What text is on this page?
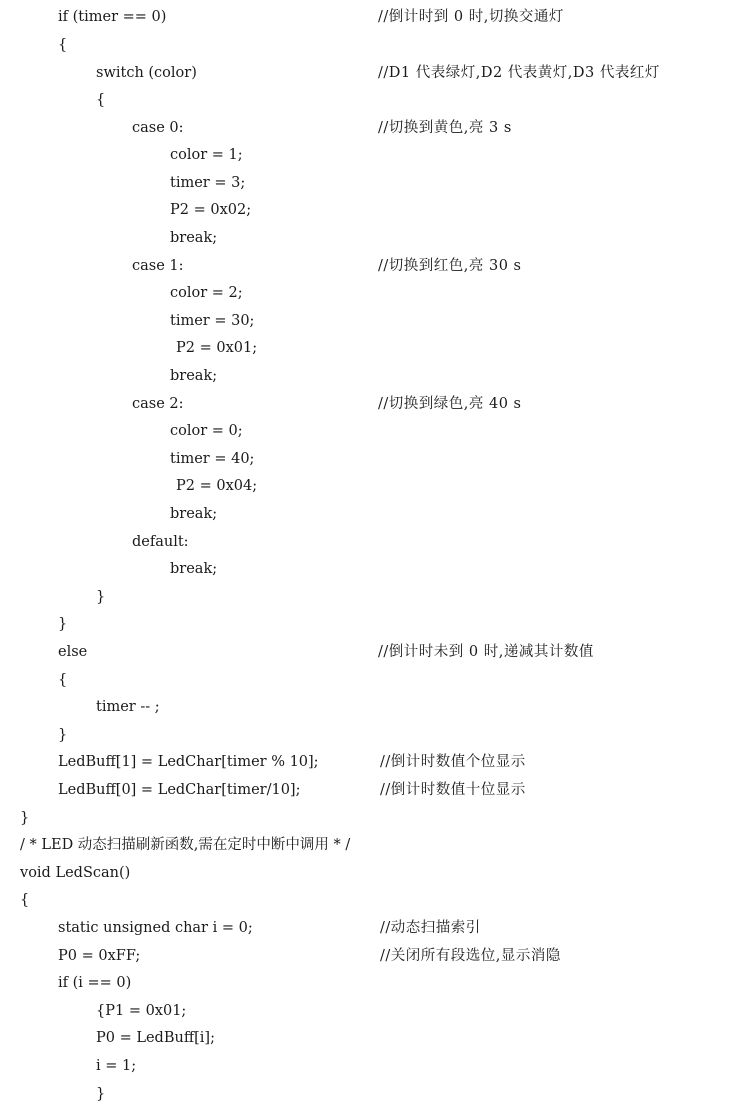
if (timer == 0)	//倒计时到 0 时,切换交通灯
{
switch (color)	//D1 代表绿灯,D2 代表黄灯,D3 代表红灯
{
case 0:	//切换到黄色,亮 3 s
color = 1;
timer = 3;
P2 = 0x02;
break;
case 1:	//切换到红色,亮 30 s
color = 2;
timer = 30;
P2 = 0x01;
break;
case 2:	//切换到绿色,亮 40 s
color = 0;
timer = 40;
P2 = 0x04;
break;
default:
break;
}
}
else	//倒计时未到 0 时,递减其计数值
{
timer -- ;
}
LedBuff[1] = LedChar[timer % 10];	//倒计时数值个位显示
LedBuff[0] = LedChar[timer/10];	//倒计时数值十位显示
}
/ * LED 动态扫描刷新函数,需在定时中断中调用 * /
void LedScan()
{
static unsigned char i = 0;	//动态扫描索引
P0 = 0xFF;	//关闭所有段选位,显示消隐
if (i == 0)
{P1 = 0x01;
P0 = LedBuff[i];
i = 1;
}
